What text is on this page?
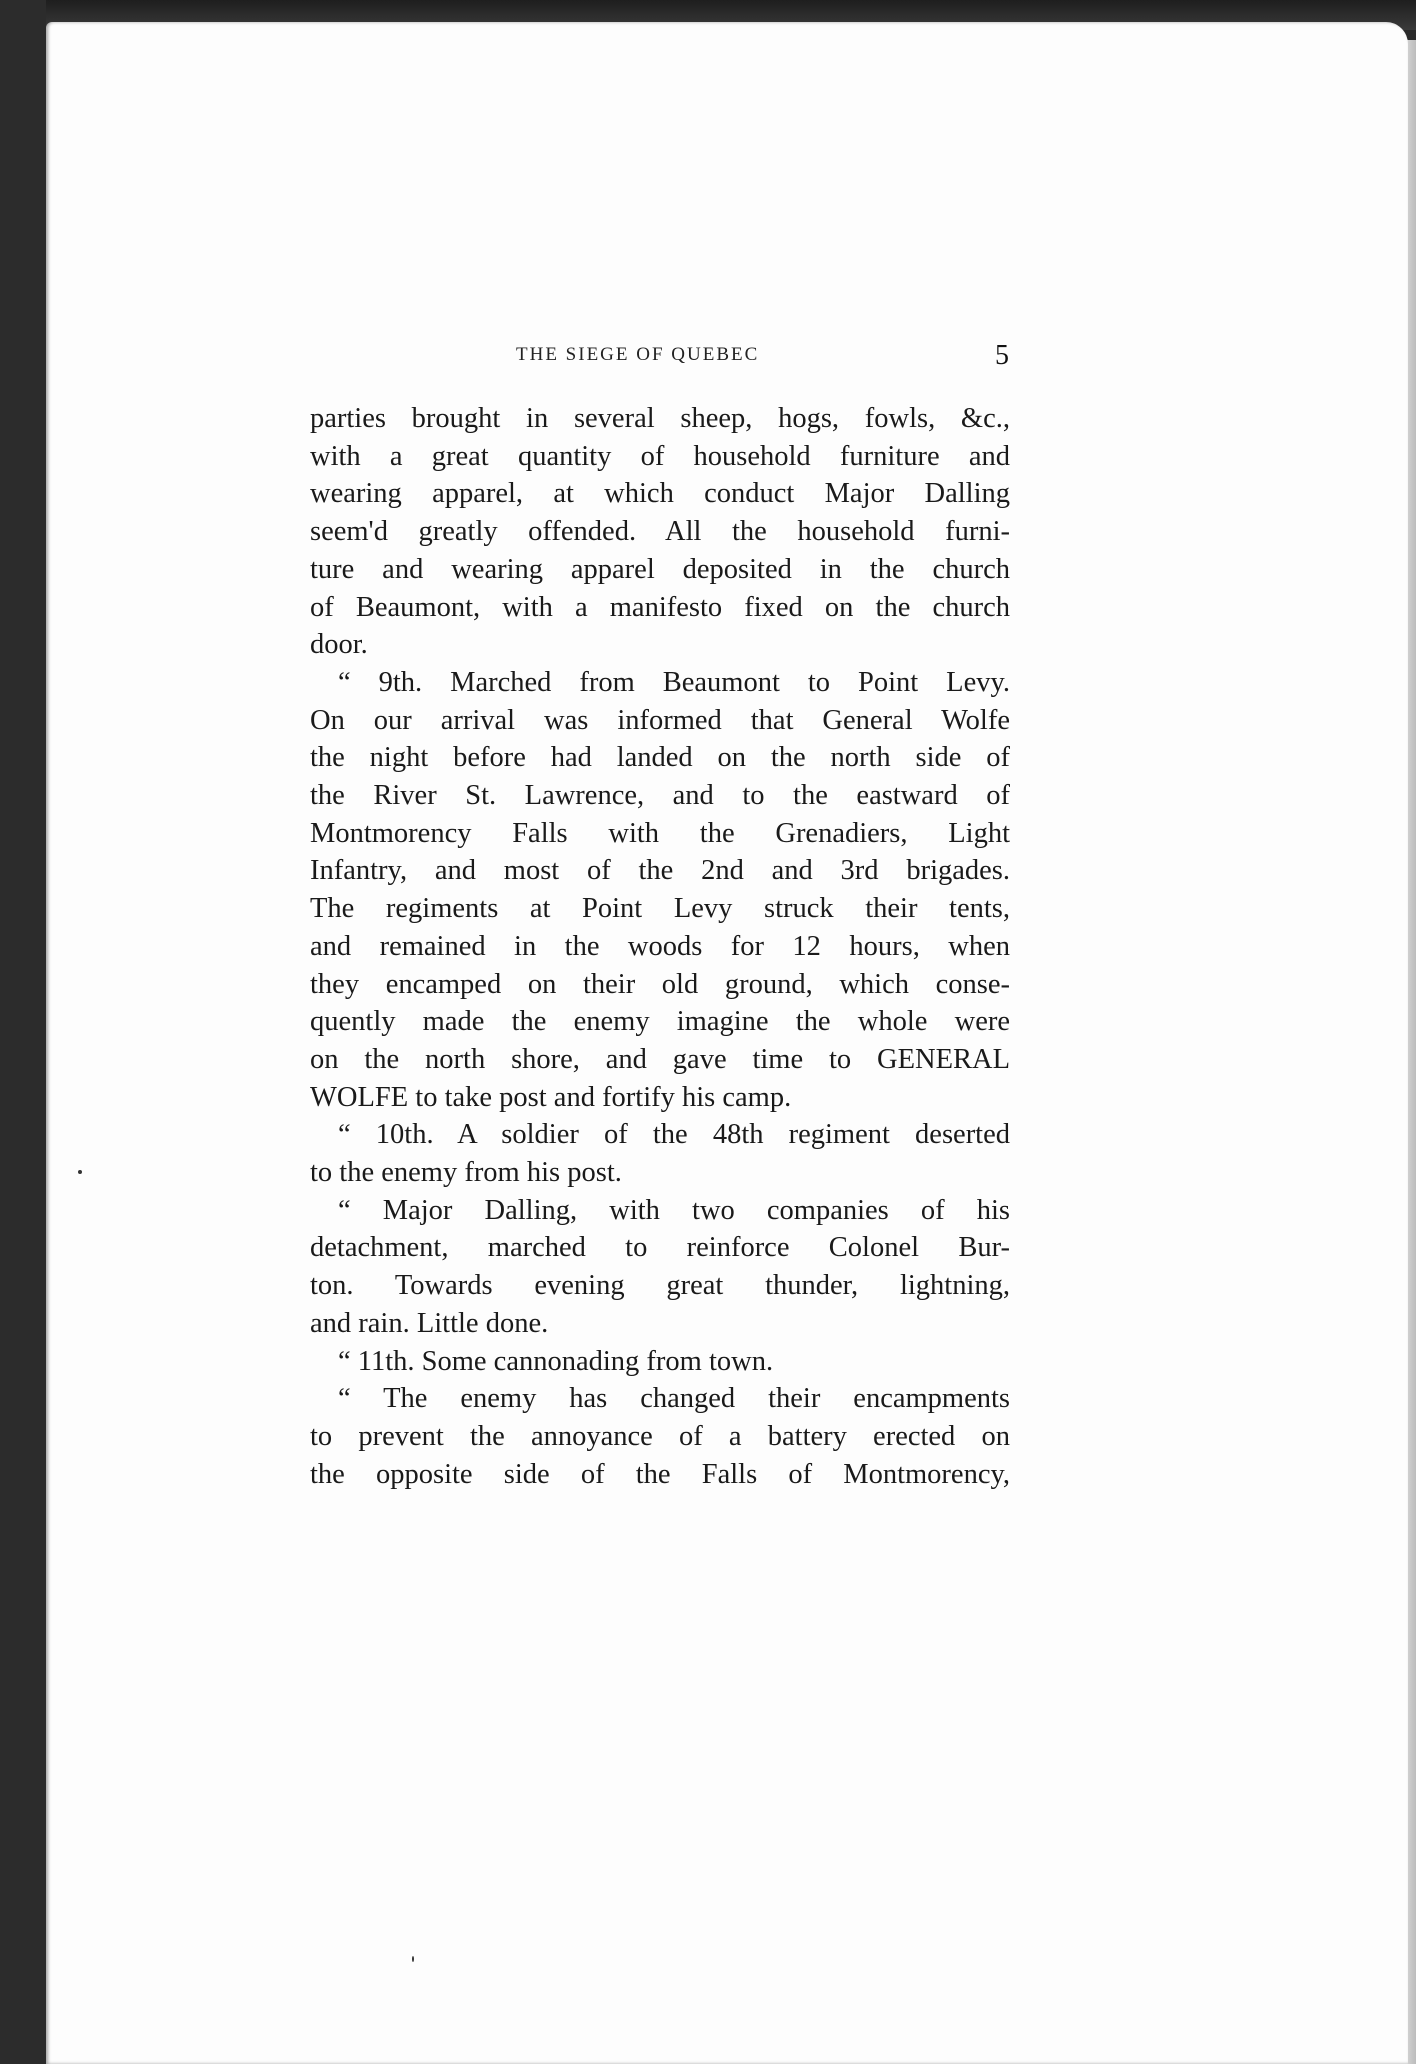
THE SIEGE OF QUEBEC	5
parties brought in several sheep, hogs, fowls, &c.,
with a great quantity of household furniture and
wearing apparel, at which conduct Major Dalling
seem'd greatly offended. All the household furni-
ture and wearing apparel deposited in the church
of Beaumont, with a manifesto fixed on the church
door.
“ 9th. Marched from Beaumont to Point Levy.
On our arrival was informed that General Wolfe
the night before had landed on the north side of
the River St. Lawrence, and to the eastward of
Montmorency Falls with the Grenadiers, Light
Infantry, and most of the 2nd and 3rd brigades.
The regiments at Point Levy struck their tents,
and remained in the woods for 12 hours, when
they encamped on their old ground, which conse-
quently made the enemy imagine the whole were
on the north shore, and gave time to GENERAL
WOLFE to take post and fortify his camp.
“ 10th. A soldier of the 48th regiment deserted
to the enemy from his post.
“ Major Dalling, with two companies of his
detachment, marched to reinforce Colonel Bur-
ton. Towards evening great thunder, lightning,
and rain. Little done.
“ 11th. Some cannonading from town.
“ The enemy has changed their encampments
to prevent the annoyance of a battery erected on
the opposite side of the Falls of Montmorency,
